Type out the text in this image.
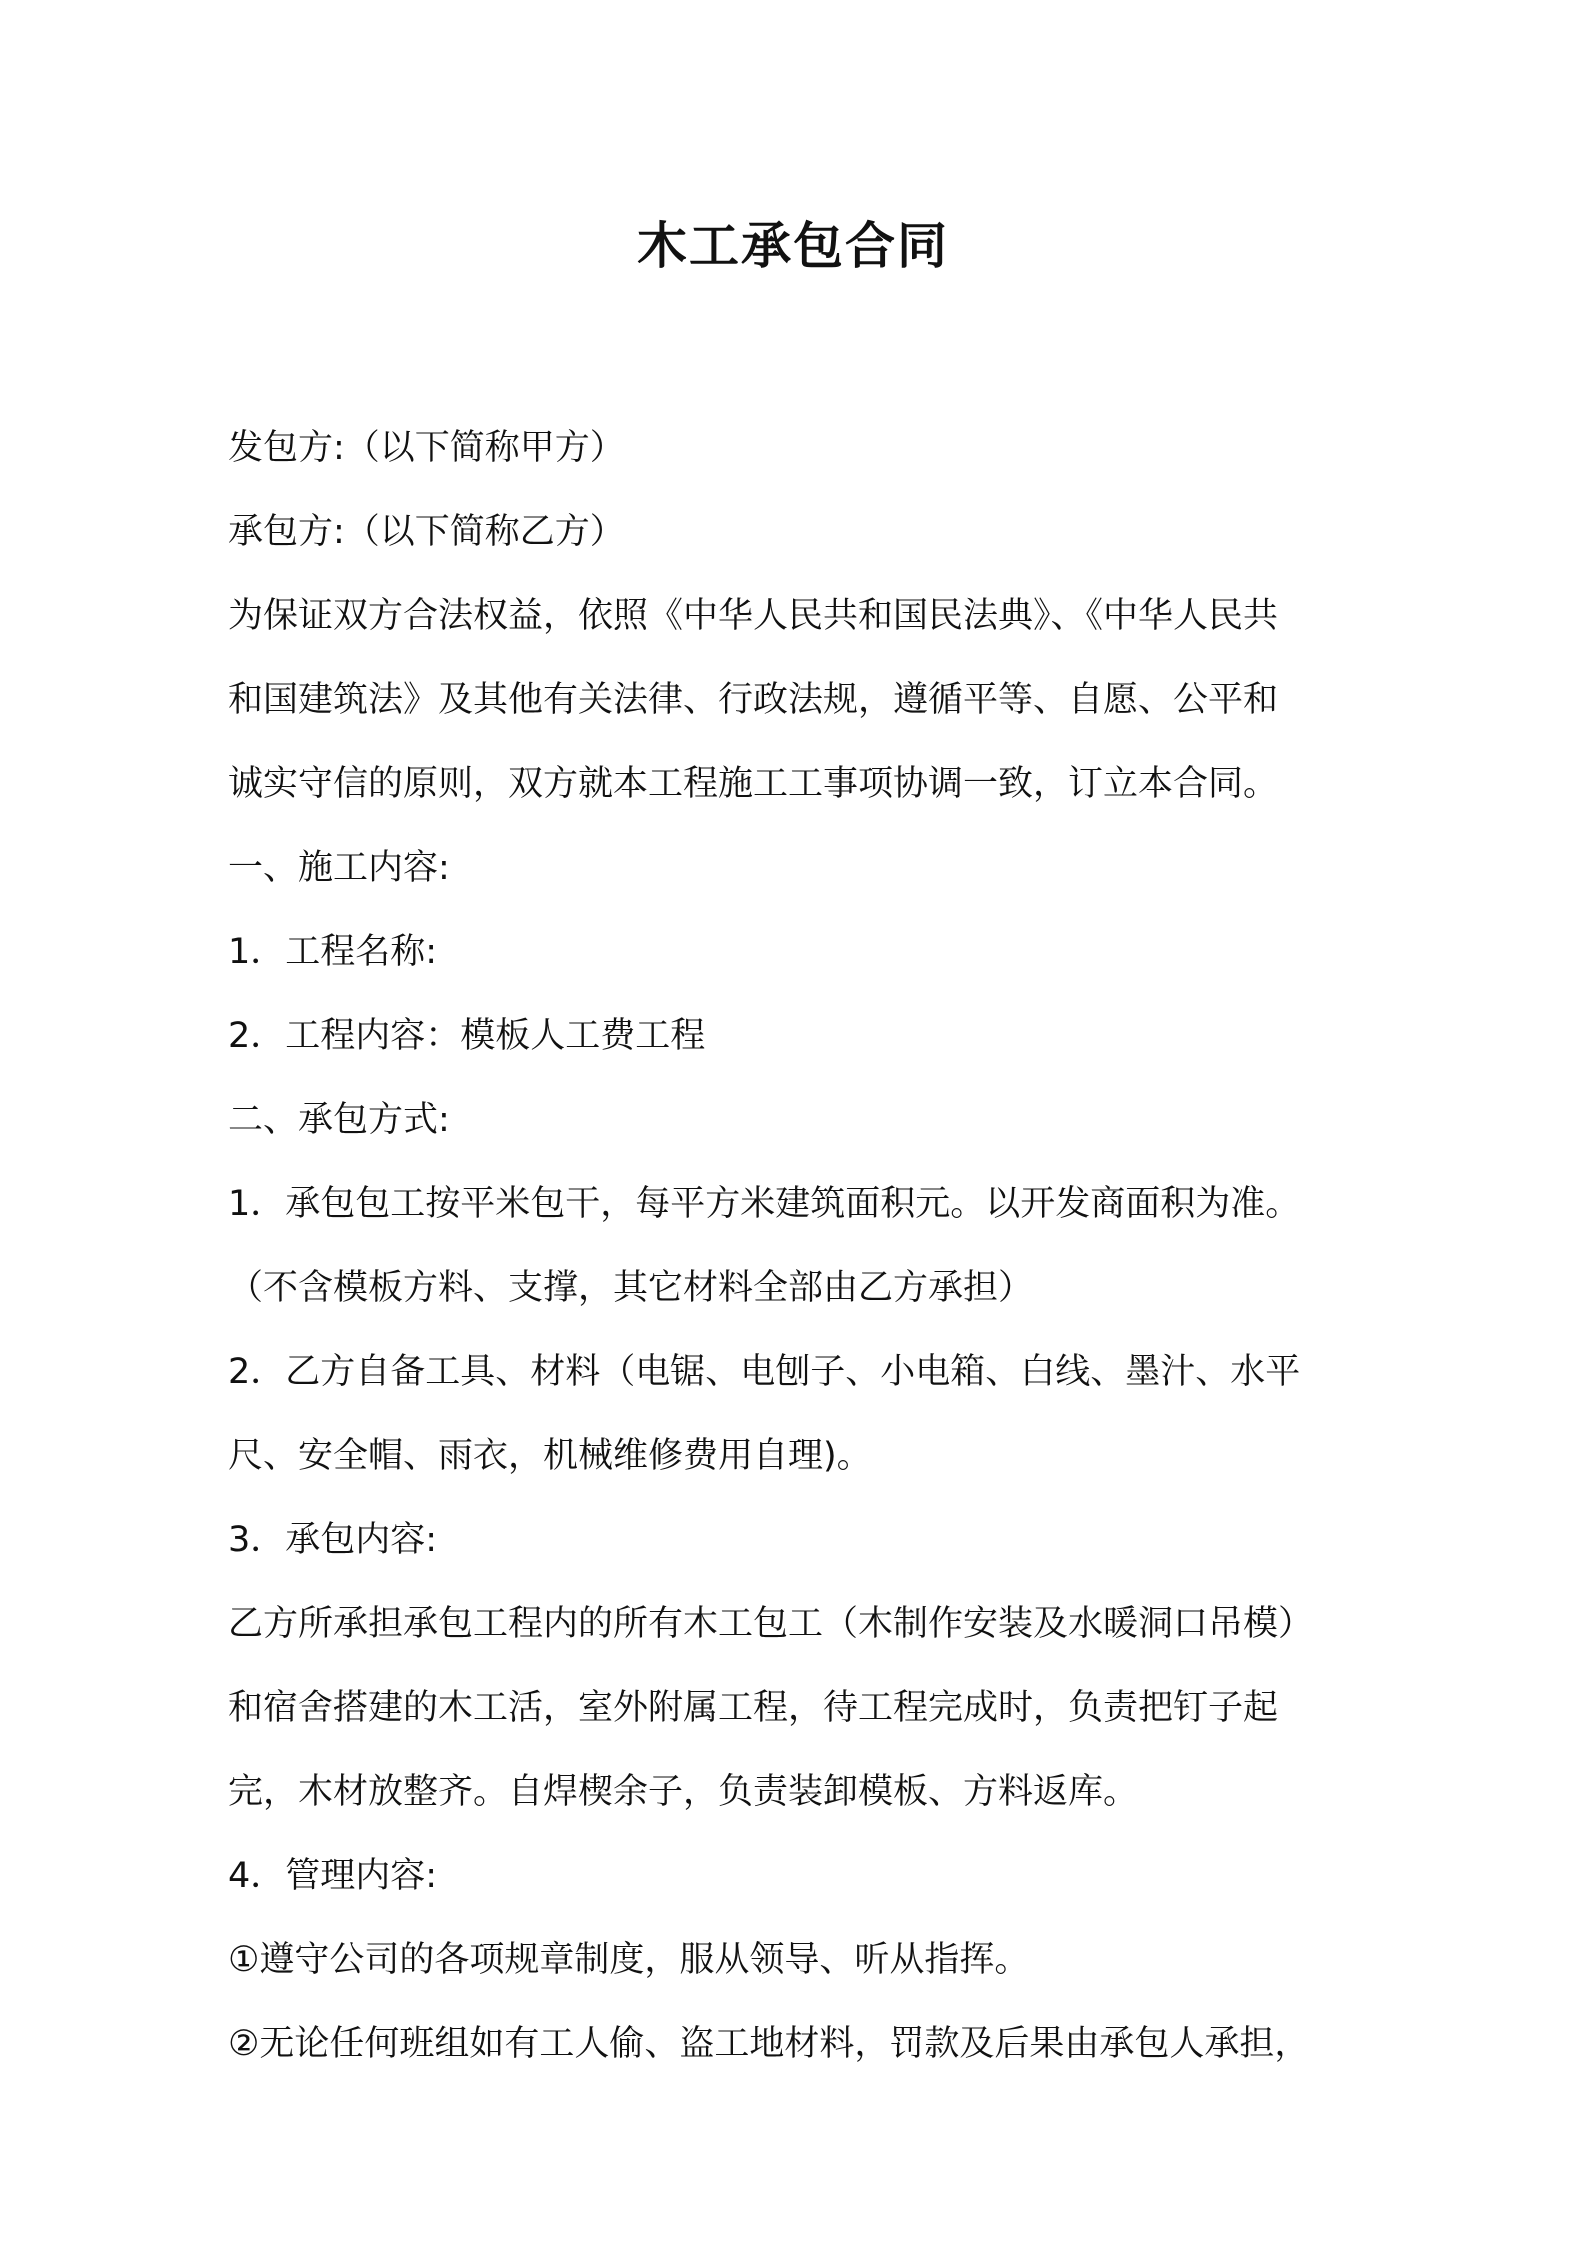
木工承包合同
发包方:（以下简称甲方）
承包方:（以下简称乙方）
为保证双方合法权益，依照《中华人民共和国民法典》、《中华人民共
和国建筑法》及其他有关法律、行政法规，遵循平等、自愿、公平和
诚实守信的原则，双方就本工程施工工事项协调一致，订立本合同。
一、施工内容:
1．工程名称:
2．工程内容：模板人工费工程
二、承包方式:
1．承包包工按平米包干，每平方米建筑面积元。以开发商面积为准。
（不含模板方料、支撑，其它材料全部由乙方承担）
2．乙方自备工具、材料（电锯、电刨子、小电箱、白线、墨汁、水平
尺、安全帽、雨衣，机械维修费用自理)。
3．承包内容:
乙方所承担承包工程内的所有木工包工（木制作安装及水暖洞口吊模）
和宿舍搭建的木工活，室外附属工程，待工程完成时，负责把钉子起
完，木材放整齐。自焊楔余子，负责装卸模板、方料返库。
4．管理内容:
①遵守公司的各项规章制度，服从领导、听从指挥。
②无论任何班组如有工人偷、盗工地材料，罚款及后果由承包人承担，
